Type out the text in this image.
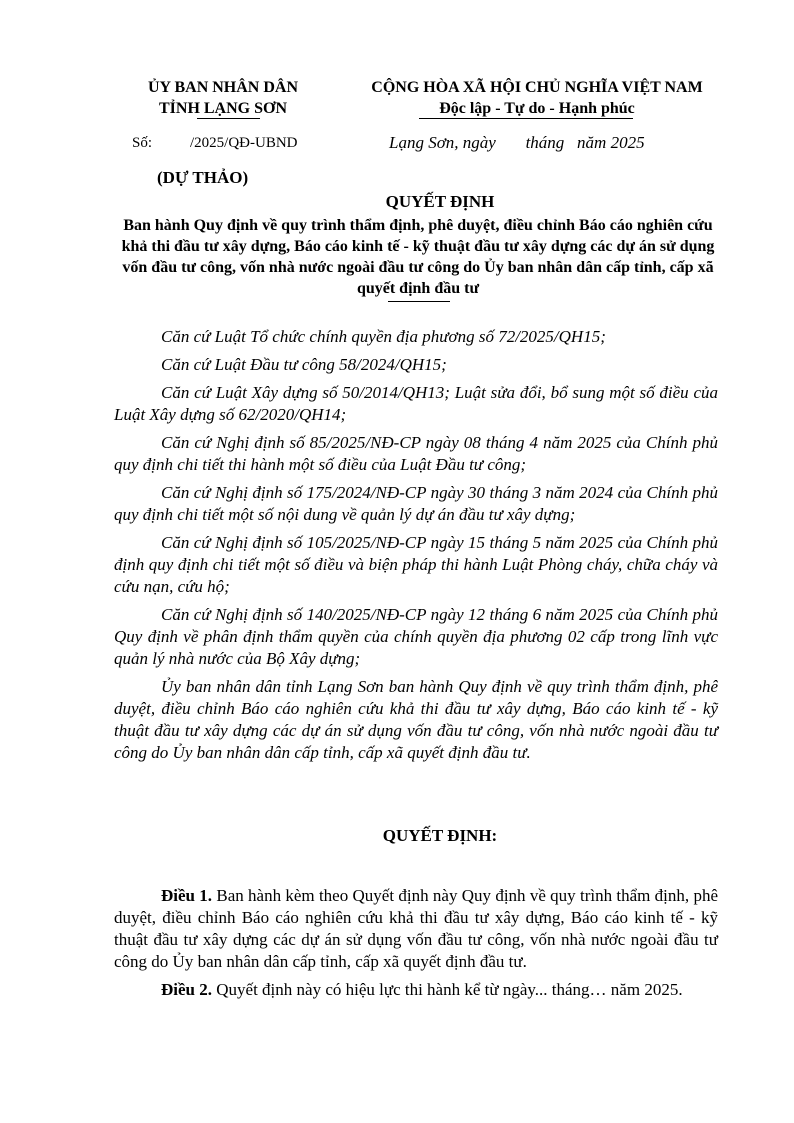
ỦY BAN NHÂN DÂN
TỈNH LẠNG SƠN
CỘNG HÒA XÃ HỘI CHỦ NGHĨA VIỆT NAM
Độc lập - Tự do - Hạnh phúc
Số:	/2025/QĐ-UBND	Lạng Sơn, ngày       tháng   năm 2025
(DỰ THẢO)
QUYẾT ĐỊNH
Ban hành Quy định về quy trình thẩm định, phê duyệt, điều chỉnh Báo cáo nghiên cứu khả thi đầu tư xây dựng, Báo cáo kinh tế - kỹ thuật đầu tư xây dựng các dự án sử dụng vốn đầu tư công, vốn nhà nước ngoài đầu tư công do Ủy ban nhân dân cấp tỉnh, cấp xã quyết định đầu tư

Căn cứ Luật Tổ chức chính quyền địa phương số 72/2025/QH15;

Căn cứ Luật Đầu tư công 58/2024/QH15;

Căn cứ Luật Xây dựng số 50/2014/QH13; Luật sửa đổi, bổ sung một số điều của Luật Xây dựng số 62/2020/QH14;

Căn cứ Nghị định số 85/2025/NĐ-CP ngày 08 tháng 4 năm 2025 của Chính phủ quy định chi tiết thi hành một số điều của Luật Đầu tư công;

Căn cứ Nghị định số 175/2024/NĐ-CP ngày 30 tháng 3 năm 2024 của Chính phủ quy định chi tiết một số nội dung về quản lý dự án đầu tư xây dựng;

Căn cứ Nghị định số 105/2025/NĐ-CP ngày 15 tháng 5 năm 2025 của Chính phủ định quy định chi tiết một số điều và biện pháp thi hành Luật Phòng cháy, chữa cháy và cứu nạn, cứu hộ;

Căn cứ Nghị định số 140/2025/NĐ-CP ngày 12 tháng 6 năm 2025 của Chính phủ Quy định về phân định thẩm quyền của chính quyền địa phương 02 cấp trong lĩnh vực quản lý nhà nước của Bộ Xây dựng;

Ủy ban nhân dân tỉnh Lạng Sơn ban hành Quy định về quy trình thẩm định, phê duyệt, điều chỉnh Báo cáo nghiên cứu khả thi đầu tư xây dựng, Báo cáo kinh tế - kỹ thuật đầu tư xây dựng các dự án sử dụng vốn đầu tư công, vốn nhà nước ngoài đầu tư công do Ủy ban nhân dân cấp tỉnh, cấp xã quyết định đầu tư.

QUYẾT ĐỊNH:

Điều 1. Ban hành kèm theo Quyết định này Quy định về quy trình thẩm định, phê duyệt, điều chỉnh Báo cáo nghiên cứu khả thi đầu tư xây dựng, Báo cáo kinh tế - kỹ thuật đầu tư xây dựng các dự án sử dụng vốn đầu tư công, vốn nhà nước ngoài đầu tư công do Ủy ban nhân dân cấp tỉnh, cấp xã quyết định đầu tư.

Điều 2. Quyết định này có hiệu lực thi hành kể từ ngày... tháng… năm 2025.
